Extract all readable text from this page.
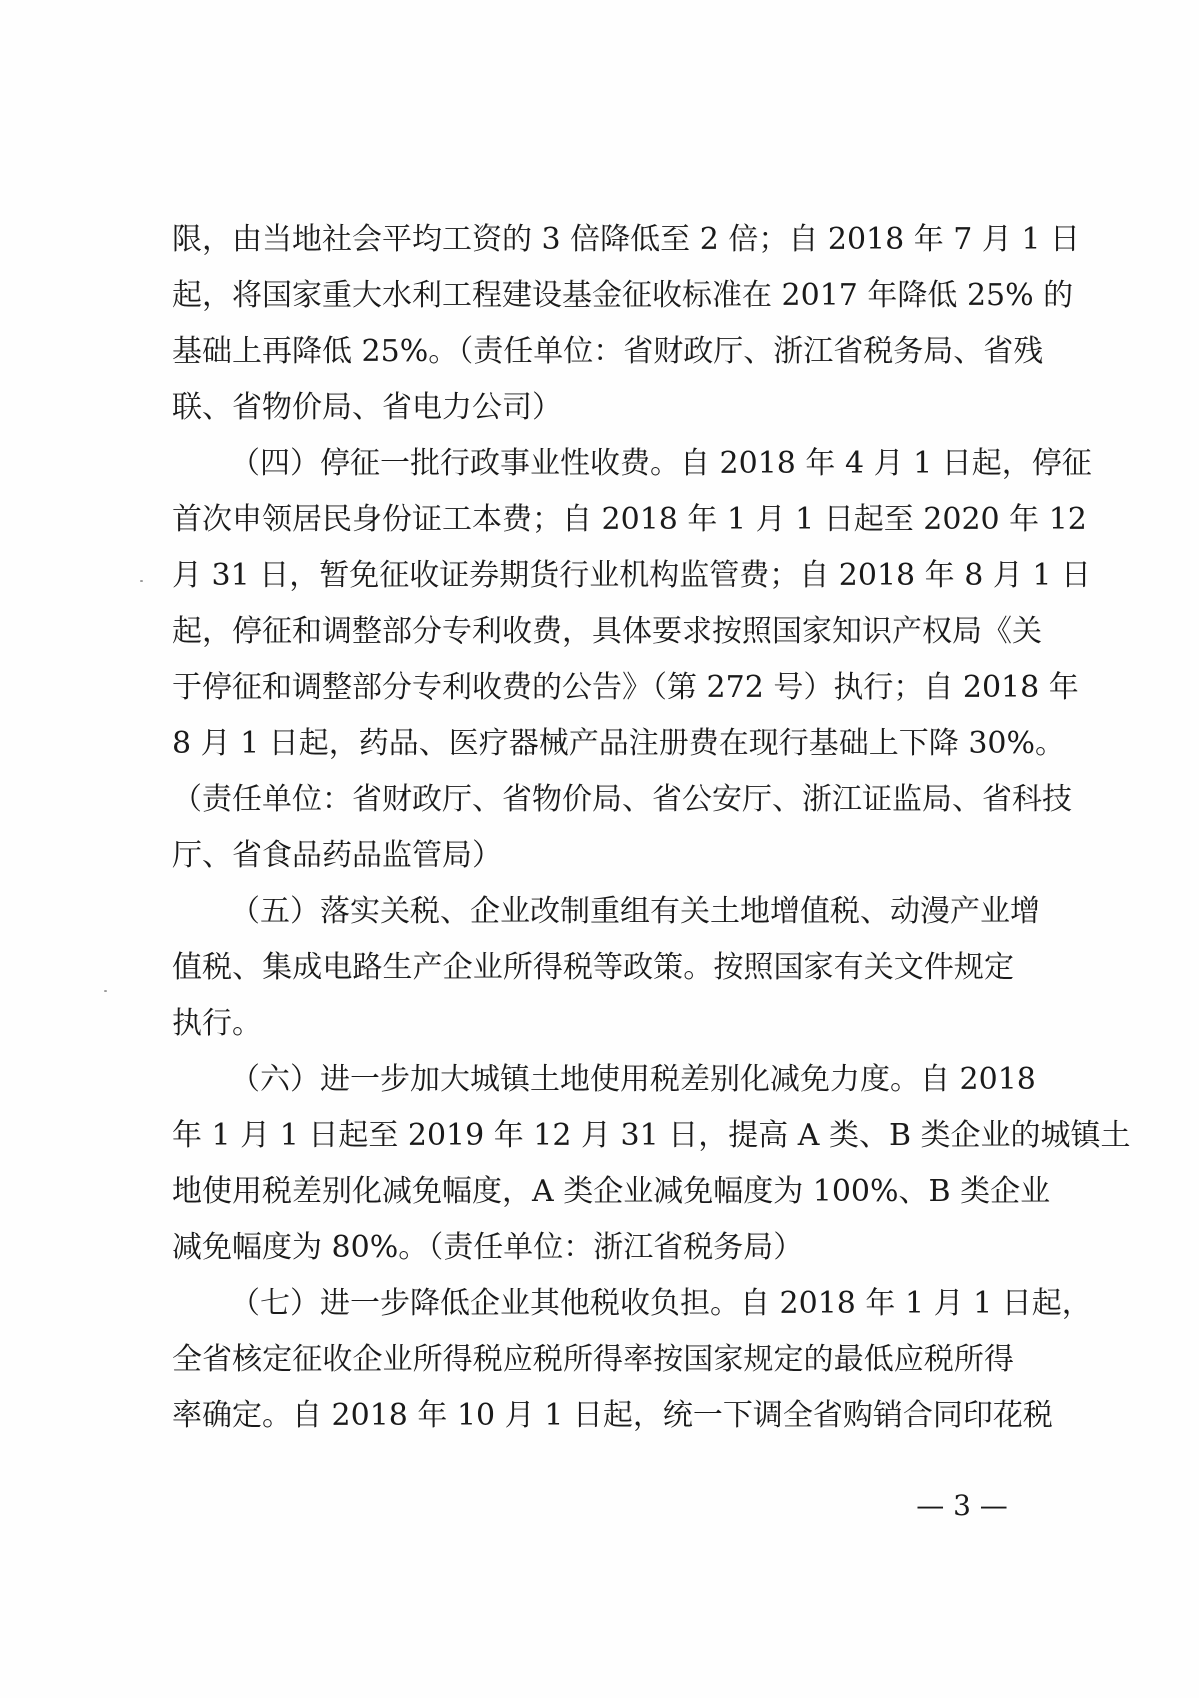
限，由当地社会平均工资的 3 倍降低至 2 倍；自 2018 年 7 月 1 日
起，将国家重大水利工程建设基金征收标准在 2017 年降低 25% 的
基础上再降低 25%。（责任单位：省财政厅、浙江省税务局、省残
联、省物价局、省电力公司）
（四）停征一批行政事业性收费。自 2018 年 4 月 1 日起，停征
首次申领居民身份证工本费；自 2018 年 1 月 1 日起至 2020 年 12
月 31 日，暂免征收证券期货行业机构监管费；自 2018 年 8 月 1 日
起，停征和调整部分专利收费，具体要求按照国家知识产权局《关
于停征和调整部分专利收费的公告》（第 272 号）执行；自 2018 年
8 月 1 日起，药品、医疗器械产品注册费在现行基础上下降 30%。
（责任单位：省财政厅、省物价局、省公安厅、浙江证监局、省科技
厅、省食品药品监管局）
（五）落实关税、企业改制重组有关土地增值税、动漫产业增
值税、集成电路生产企业所得税等政策。按照国家有关文件规定
执行。
（六）进一步加大城镇土地使用税差别化减免力度。自 2018
年 1 月 1 日起至 2019 年 12 月 31 日，提高 A 类、B 类企业的城镇土
地使用税差别化减免幅度，A 类企业减免幅度为 100%、B 类企业
减免幅度为 80%。（责任单位：浙江省税务局）
（七）进一步降低企业其他税收负担。自 2018 年 1 月 1 日起，
全省核定征收企业所得税应税所得率按国家规定的最低应税所得
率确定。自 2018 年 10 月 1 日起，统一下调全省购销合同印花税
— 3 —
